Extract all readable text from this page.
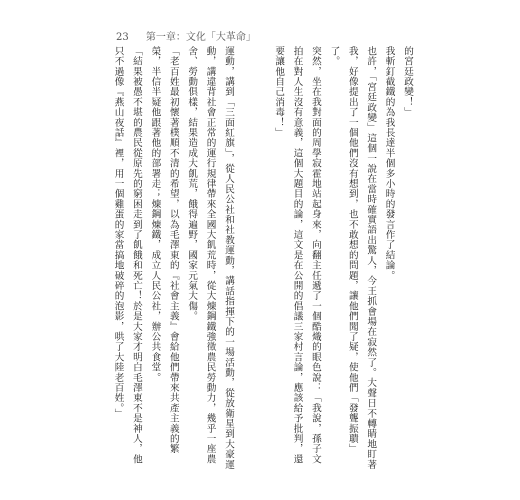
23 第一章：文化「大革命」

運動，講到「三面紅旗」，從人民公社和社教運動，講話指揮下的一場活動，從放衛星到大豪運動，講違背社會正常的運行規律帶來全國大飢荒時，從大煉鋼鐵強徵農民勞動力，幾乎一座農舍、勞動俱樣，結果造成大飢荒，餓得遍野，國家元氣大傷。

「老百姓最初懷著樸順不清的希望，以為毛澤東的『社會主義』會給他們帶來共產主義的繁榮，半信半疑他跟著他的部署走；煉鋼煉鐵，成立人民公社，辦公共食堂。

「結果被愚不堪的農民從原先的窮困走到了飢餓和死亡！於是大家才明白毛澤東不是神人，他只不過像『燕山夜話』裡，用一個雞蛋的家當搞地破碎的泡影，哄了大陸老百姓。」	的宮廷政變！」

我斬釘截鐵的為我長達半個多小時的發言作了結論。

也許，「宮廷政變」這個一說在當時確實語出驚人，今王抓會場在寂然了。大聲日不轉睛地盯著我，好像提出了一個他們沒有想到，也不敢想的問題，讓他們聞了疑，使他們「發聾振聵」了。

突然，坐在我對面的周學寂霍地站起身來，向翻主任遞了一個酷熾的眼色說：「我說，孫子文拍在對人生沒有意義，這個大題目的論，這文是在公開的倡議三家村言論，應該給予批判，還要讓他自己消毒！」
